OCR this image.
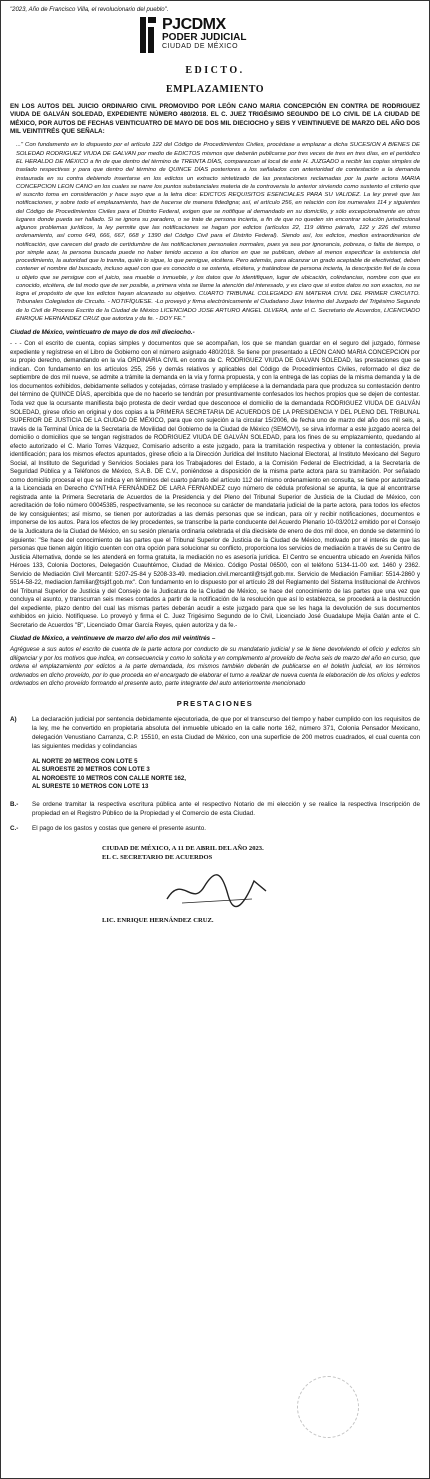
"2023, Año de Francisco Villa, el revolucionario del pueblo".
PJCDMX
PODER JUDICIAL
CIUDAD DE MÉXICO
EDICTO.
EMPLAZAMIENTO

EN LOS AUTOS DEL JUICIO ORDINARIO CIVIL PROMOVIDO POR LEÓN CANO MARIA CONCEPCIÓN EN CONTRA DE RODRIGUEZ VIUDA DE GALVÁN SOLEDAD, EXPEDIENTE NÚMERO 480/2018. EL C. JUEZ TRIGÉSIMO SEGUNDO DE LO CIVIL DE LA CIUDAD DE MÉXICO, POR AUTOS DE FECHAS VEINTICUATRO DE MAYO DE DOS MIL DIECIOCHO y SEIS Y VEINTINUEVE DE MARZO DEL AÑO DOS MIL VEINTITRÉS QUE SEÑALA:

..." Con fundamento en lo dispuesto por el artículo 122 del Código de Procedimientos Civiles, procédase a emplazar a dicha SUCESION A BIENES DE SOLEDAD RODRIGUEZ VIUDA DE GALVAN por medio de EDICTOS mismos que deberán publicarse por tres veces de tres en tres días, en el periódico EL HERALDO DE MÉXICO a fin de que dentro del término de TREINTA DÍAS, comparezcan al local de este H. JUZGADO a recibir las copias simples de traslado respectivas y para que dentro del término de QUINCE DÍAS posteriores a los señalados con anterioridad de contestación a la demanda instaurada en su contra debiendo insertarse en los edictos un extracto sintetizado de las prestaciones reclamadas por la parte actora MARIA CONCEPCION LEON CANO en los cuales se narre los puntos substanciales materia de la controversia lo anterior sirviendo como sustento el criterio que el suscrito toma en consideración y hace suyo que a la letra dice: EDICTOS REQUISITOS ESENCIALES PARA SU VALIDEZ. La ley prevé que las notificaciones, y sobre todo el emplazamiento, han de hacerse de manera fidedigna; así, el artículo 256, en relación con los numerales 114 y siguientes del Código de Procedimientos Civiles para el Distrito Federal, exigen que se notifique al demandado en su domicilio, y sólo excepcionalmente en otros lugares donde pueda ser hallado. Si se ignora su paradero, o se trate de persona incierta, a fin de que no queden sin encontrar solución jurisdiccional algunos problemas jurídicos, la ley permite que las notificaciones se hagan por edictos (artículos 22, 119 último párrafo, 122 y 226 del mismo ordenamiento, así como 649, 666, 667, 668 y 1390 del Código Civil para el Distrito Federal). Siendo así, los edictos, medios extraordinarios de notificación, que carecen del grado de certidumbre de las notificaciones personales normales, pues ya sea por ignorancia, pobreza, o falta de tiempo, o por simple azar, la persona buscada puede no haber tenido acceso a los diarios en que se publican, deben al menos especificar la existencia del procedimiento, la autoridad que lo tramita, quién lo sigue, lo que persigue, etcétera. Pero además, para alcanzar un grado aceptable de efectividad, deben contener el nombre del buscado, incluso aquel con que es conocido o se ostenta, etcétera, y tratándose de persona incierta, la descripción fiel de la cosa u objeto que se persigue con el juicio, sea mueble o inmueble, y los datos que lo identifiquen, lugar de ubicación, colindancias, nombre con que es conocido, etcétera, de tal modo que de ser posible, a primera vista se llame la atención del interesado, y es claro que si estos datos no son exactos, no se logra el propósito de que los edictos hayan alcanzado su objetivo. CUARTO TRIBUNAL COLEGIADO EN MATERIA CIVIL DEL PRIMER CIRCUITO. Tribunales Colegiados de Circuito. - NOTIFÍQUESE. -Lo proveyó y firma electrónicamente el Ciudadano Juez Interino del Juzgado del Trigésimo Segundo de lo Civil de Proceso Escrito de la Ciudad de México LICENCIADO JOSE ARTURO ANGEL OLVERA, ante el C. Secretario de Acuerdos, LICENCIADO ENRIQUE HERNÁNDEZ CRUZ que autoriza y da fe. - DOY FE."

Ciudad de México, veinticuatro de mayo de dos mil dieciocho.-

- - - Con el escrito de cuenta, copias simples y documentos que se acompañan, los que se mandan guardar en el seguro del juzgado, fórmese expediente y regístrese en el Libro de Gobierno con el número asignado 480/2018. Se tiene por presentado a LEON CANO MARIA CONCEPCION por su propio derecho, demandando en la vía ORDINARIA CIVIL en contra de C. RODRIGUEZ VIUDA DE GALVAN SOLEDAD, las prestaciones que se indican. Con fundamento en los artículos 255, 256 y demás relativos y aplicables del Código de Procedimientos Civiles, reformado el diez de septiembre de dos mil nueve, se admite a trámite la demanda en la vía y forma propuesta, y con la entrega de las copias de la misma demanda y la de los documentos exhibidos, debidamente sellados y cotejadas, córrase traslado y emplácese a la demandada para que produzca su contestación dentro del término de QUINCE DÍAS, apercibida que de no hacerlo se tendrán por presuntivamente confesados los hechos propios que se dejen de contestar. Toda vez que la ocursante manifiesta bajo protesta de decir verdad que desconoce el domicilio de la demandada RODRIGUEZ VIUDA DE GALVÁN SOLEDAD, gírese oficio en original y dos copias a la PRIMERA SECRETARIA DE ACUERDOS DE LA PRESIDENCIA Y DEL PLENO DEL TRIBUNAL SUPERIOR DE JUSTICIA DE LA CIUDAD DE MÉXICO, para que con sujeción a la circular 15/2006, de fecha uno de marzo del año dos mil seis, a través de la Terminal Única de la Secretaría de Movilidad del Gobierno de la Ciudad de México (SEMOVI), se sirva informar a este juzgado acerca del domicilio o domicilios que se tengan registrados de RODRIGUEZ VIUDA DE GALVÁN SOLEDAD, para los fines de su emplazamiento, quedando al efecto autorizado el C. Mario Torres Vázquez, Comisario adscrito a este juzgado, para la tramitación respectiva y obtener la contestación, previa identificación; para los mismos efectos apuntados, gírese oficio a la Dirección Jurídica del Instituto Nacional Electoral, al Instituto Mexicano del Seguro Social, al Instituto de Seguridad y Servicios Sociales para los Trabajadores del Estado, a la Comisión Federal de Electricidad, a la Secretaría de Seguridad Pública y a Teléfonos de México, S.A.B. DE C.V., poniéndose a disposición de la misma parte actora para su tramitación. Por señalado como domicilio procesal el que se indica y en términos del cuarto párrafo del artículo 112 del mismo ordenamiento en consulta, se tiene por autorizada a la Licenciada en Derecho CYNTHIA FERNÁNDEZ DE LARA FERNANDEZ cuyo número de cédula profesional se apunta, la que al encontrarse registrada ante la Primera Secretaria de Acuerdos de la Presidencia y del Pleno del Tribunal Superior de Justicia de la Ciudad de México, con acreditación de folio número 00045385, respectivamente, se les reconoce su carácter de mandataria judicial de la parte actora, para todos los efectos de ley consiguientes; así mismo, se tienen por autorizadas a las demás personas que se indican, para oír y recibir notificaciones, documentos e imponerse de los autos. Para los efectos de ley procedentes, se transcribe la parte conducente del Acuerdo Plenario 10-03/2012 emitido por el Consejo de la Judicatura de la Ciudad de México, en su sesión plenaria ordinaria celebrada el día diecisiete de enero de dos mil doce, en donde se determinó lo siguiente: "Se hace del conocimiento de las partes que el Tribunal Superior de Justicia de la Ciudad de México, motivado por el interés de que las personas que tienen algún litigio cuenten con otra opción para solucionar su conflicto, proporciona los servicios de mediación a través de su Centro de Justicia Alternativa, donde se les atenderá en forma gratuita, la mediación no es asesoría jurídica. El Centro se encuentra ubicado en Avenida Niños Héroes 133, Colonia Doctores, Delegación Cuauhtémoc, Ciudad de México. Código Postal 06500, con el teléfono 5134-11-00 ext. 1460 y 2362. Servicio de Mediación Civil Mercantil: 5207-25-84 y 5208-33-49. mediacion.civil.mercantil@tsjdf.gob.mx. Servicio de Mediación Familiar: 5514-2860 y 5514-58-22, mediacion.familiar@tsjdf.gob.mx". Con fundamento en lo dispuesto por el artículo 28 del Reglamento del Sistema Institucional de Archivos del Tribunal Superior de Justicia y del Consejo de la Judicatura de la Ciudad de México, se hace del conocimiento de las partes que una vez que concluya el asunto, y transcurran seis meses contados a partir de la notificación de la resolución que así lo establezca, se procederá a la destrucción del expediente, plazo dentro del cual las mismas partes deberán acudir a este juzgado para que se les haga la devolución de sus documentos exhibidos en juicio. Notifíquese. Lo proveyó y firma el C. Juez Trigésimo Segundo de lo Civil, Licenciado José Guadalupe Mejía Galán ante el C. Secretario de Acuerdos "B", Licenciado Omar García Reyes, quien autoriza y da fe.-

Ciudad de México, a veintinueve de marzo del año dos mil veintitrés –

Agréguese a sus autos el escrito de cuenta de la parte actora por conducto de su mandatario judicial y se le tiene devolviendo el oficio y edictos sin diligenciar y por los motivos que indica, en consecuencia y como lo solicita y en complemento al proveído de fecha seis de marzo del año en curso, que ordena el emplazamiento por edictos a la parte demandada, los mismos también deberán de publicarse en el boletín judicial, en los términos ordenados en dicho proveído, por lo que proceda en el encargado de elaborar el turno a realizar de nueva cuenta la elaboración de los oficios y edictos ordenados en dicho proveído formando el presente auto, parte integrante del auto anteriormente mencionado

PRESTACIONES
A)	La declaración judicial por sentencia debidamente ejecutoriada, de que por el transcurso del tiempo y haber cumplido con los requisitos de la ley, me he convertido en propietaria absoluta del inmueble ubicado en la calle norte 162, número 371, Colonia Pensador Mexicano, delegación Venustiano Carranza, C.P. 15510, en esta Ciudad de México, con una superficie de 200 metros cuadrados, el cual cuenta con las siguientes medidas y colindancias
AL NORTE 20 METROS CON LOTE 5
AL SUROESTE 20 METROS CON LOTE 3
AL NOROESTE 10 METROS CON CALLE NORTE 162,
AL SURESTE 10 METROS CON LOTE 13
B.-	Se ordene tramitar la respectiva escritura pública ante el respectivo Notario de mi elección y se realice la respectiva Inscripción de propiedad en el Registro Público de la Propiedad y el Comercio de esta Ciudad.
C.-	El pago de los gastos y costas que genere el presente asunto.
CIUDAD DE MÉXICO, A 11 DE ABRIL DEL AÑO 2023.
EL C. SECRETARIO DE ACUERDOS
LIC. ENRIQUE HERNÁNDEZ CRUZ.
